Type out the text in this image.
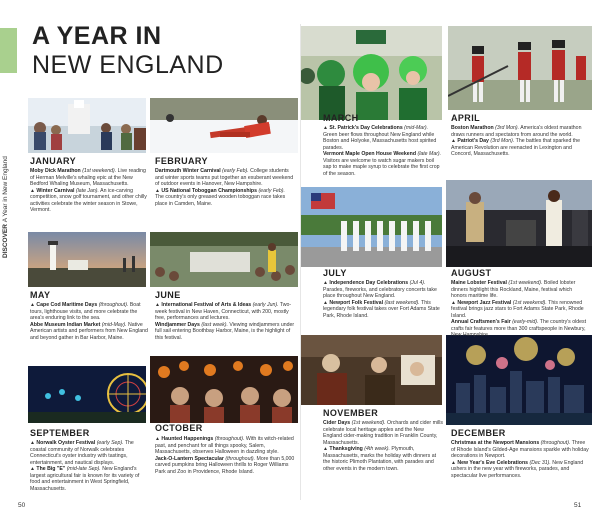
DISCOVER A Year in New England
A YEAR IN
NEW ENGLAND
JANUARY	FEBRUARY
MARCH	APRIL
MAY	JUNE
JULY	AUGUST
SEPTEMBER	OCTOBER
NOVEMBER
DECEMBER

Moby Dick Marathon (1st weekend). Live reading of Herman Melville's whaling epic at the New Bedford Whaling Museum, Massachusetts.

▲ Winter Carnival (late Jan). An ice-carving competition, snow golf tournament, and other chilly activities celebrate the winter season in Stowe, Vermont.

Dartmouth Winter Carnival (early Feb). College students and winter sports teams put together an exuberant weekend of outdoor events in Hanover, New Hampshire.

▲ US National Toboggan Championships (early Feb). The country's only greased wooden toboggan race takes place in Camden, Maine.

▲ St. Patrick's Day Celebrations (mid-Mar). Green beer flows throughout New England while Boston and Holyoke, Massachusetts host spirited parades.

Vermont Maple Open House Weekend (late Mar). Visitors are welcome to watch sugar makers boil sap to make maple syrup to celebrate the first crop of the season.

Boston Marathon (3rd Mon). America's oldest marathon draws runners and spectators from around the world.

▲ Patriot's Day (3rd Mon). The battles that sparked the American Revolution are reenacted in Lexington and Concord, Massachusetts.

▲ Cape Cod Maritime Days (throughout). Boat tours, lighthouse visits, and more celebrate the area's enduring link to the sea.

Abbe Museum Indian Market (mid-May). Native American artists and performers from New England and beyond gather in Bar Harbor, Maine.

▲ International Festival of Arts & Ideas (early Jun). Two-week festival in New Haven, Connecticut, with 200, mostly free, performances and lectures.

Windjammer Days (last week). Viewing windjammers under full sail entering Boothbay Harbor, Maine, is the highlight of this festival.

▲ Independence Day Celebrations (Jul 4). Parades, fireworks, and celebratory concerts take place throughout New England.

▲ Newport Folk Festival (last weekend). This legendary folk festival takes over Fort Adams State Park, Rhode Island.

Maine Lobster Festival (1st weekend). Boiled lobster dinners highlight this Rockland, Maine, festival which honors maritime life.

▲ Newport Jazz Festival (1st weekend). This renowned festival brings jazz stars to Fort Adams State Park, Rhode Island.

Annual Craftsmen's Fair (early-mid). The country's oldest crafts fair features more than 300 craftspeople in Newbury, New Hampshire.

▲ Norwalk Oyster Festival (early Sep). The coastal community of Norwalk celebrates Connecticut's oyster industry with tastings, entertainment, and nautical displays.

▲ The Big "E" (mid-late Sep). New England's largest agricultural fair is known for its variety of food and entertainment in West Springfield, Massachusetts.

▲ Haunted Happenings (throughout). With its witch-related past, and penchant for all things spooky, Salem, Massachusetts, observes Halloween in dazzling style.

Jack-O-Lantern Spectacular (throughout). More than 5,000 carved pumpkins bring Halloween thrills to Roger Williams Park and Zoo in Providence, Rhode Island.

Cider Days (1st weekend). Orchards and cider mills celebrate local heritage apples and the New England cider-making tradition in Franklin County, Massachusetts.

▲ Thanksgiving (4th week). Plymouth, Massachusetts, marks the holiday with dinners at the historic Plimoth Plantation, with parades and other events in the modern town.

Christmas at the Newport Mansions (throughout). Three of Rhode Island's Gilded-Age mansions sparkle with holiday decorations in Newport.

▲ New Year's Eve Celebrations (Dec 31). New England ushers in the new year with fireworks, parades, and spectacular live performances.

50	51
